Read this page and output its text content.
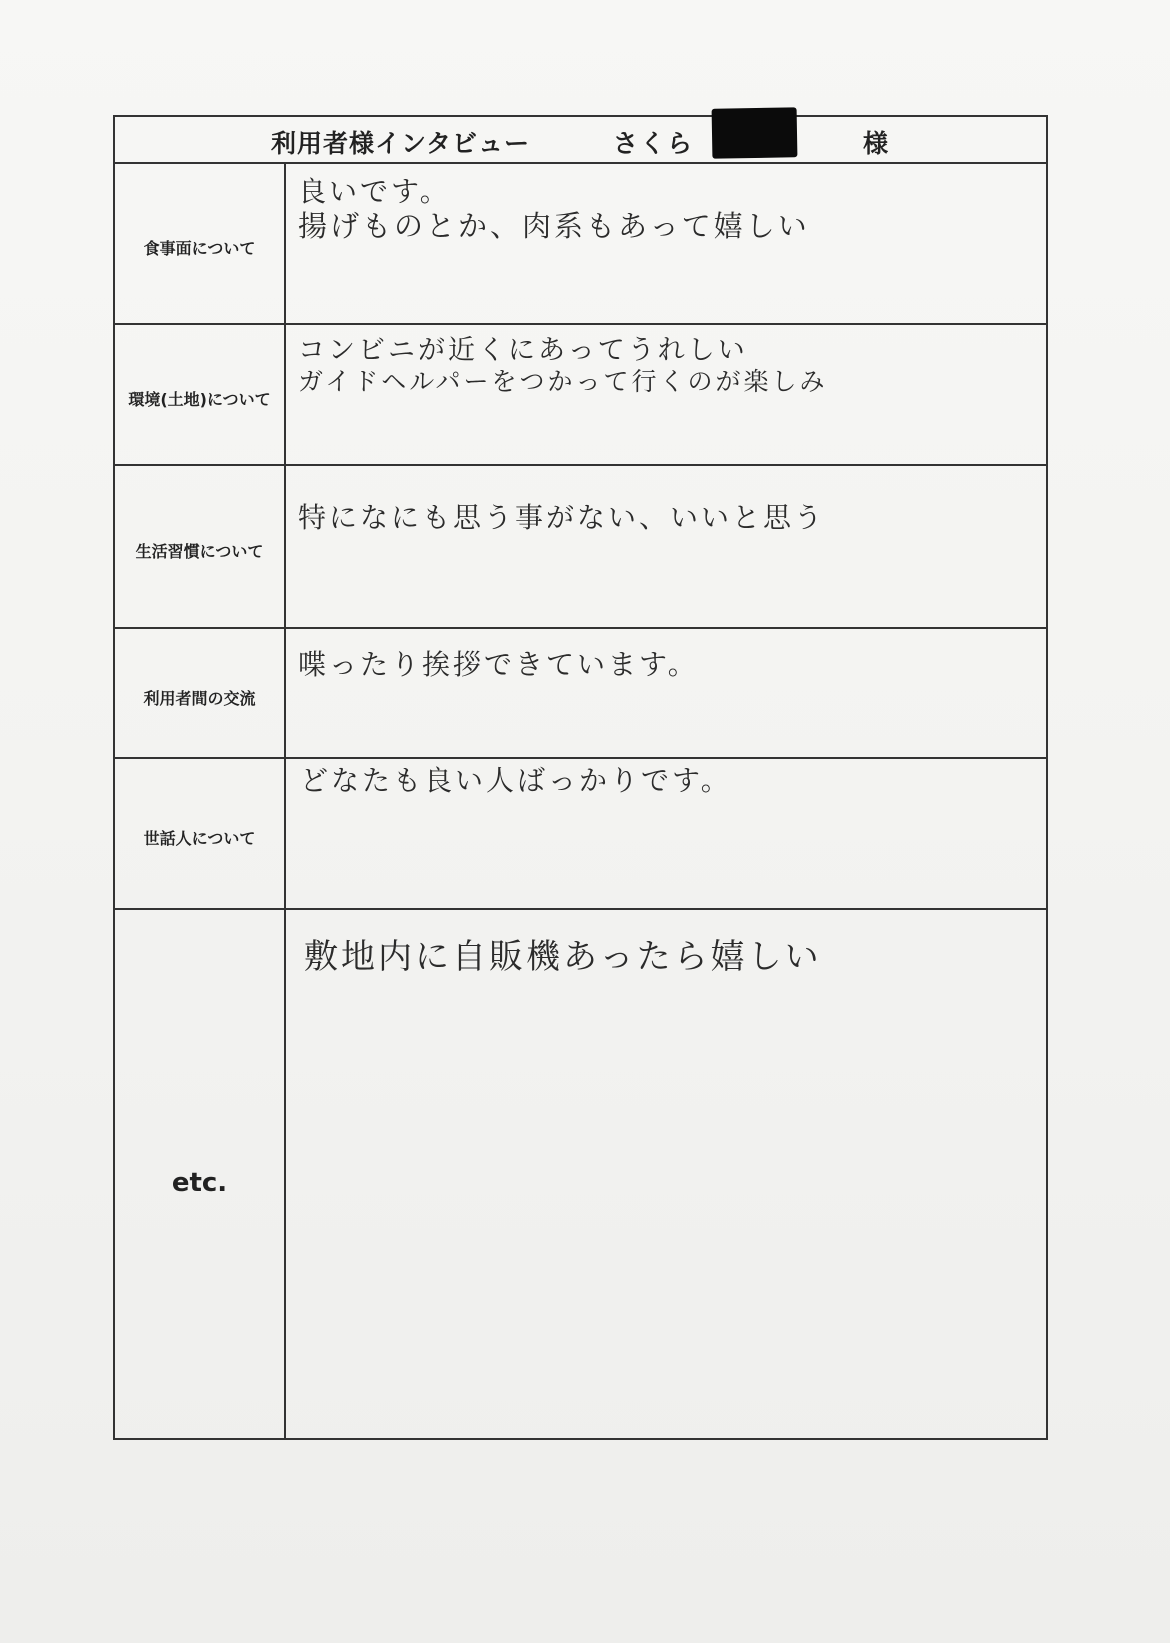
利用者様インタビュー	さくら	様
食事面について
良いです。
揚げものとか、肉系もあって嬉しい
環境(土地)について
コンビニが近くにあってうれしい
ガイドヘルパーをつかって行くのが楽しみ
生活習慣について
特になにも思う事がない、いいと思う
利用者間の交流
喋ったり挨拶できています。
世話人について
どなたも良い人ばっかりです。
etc.
敷地内に自販機あったら嬉しい
